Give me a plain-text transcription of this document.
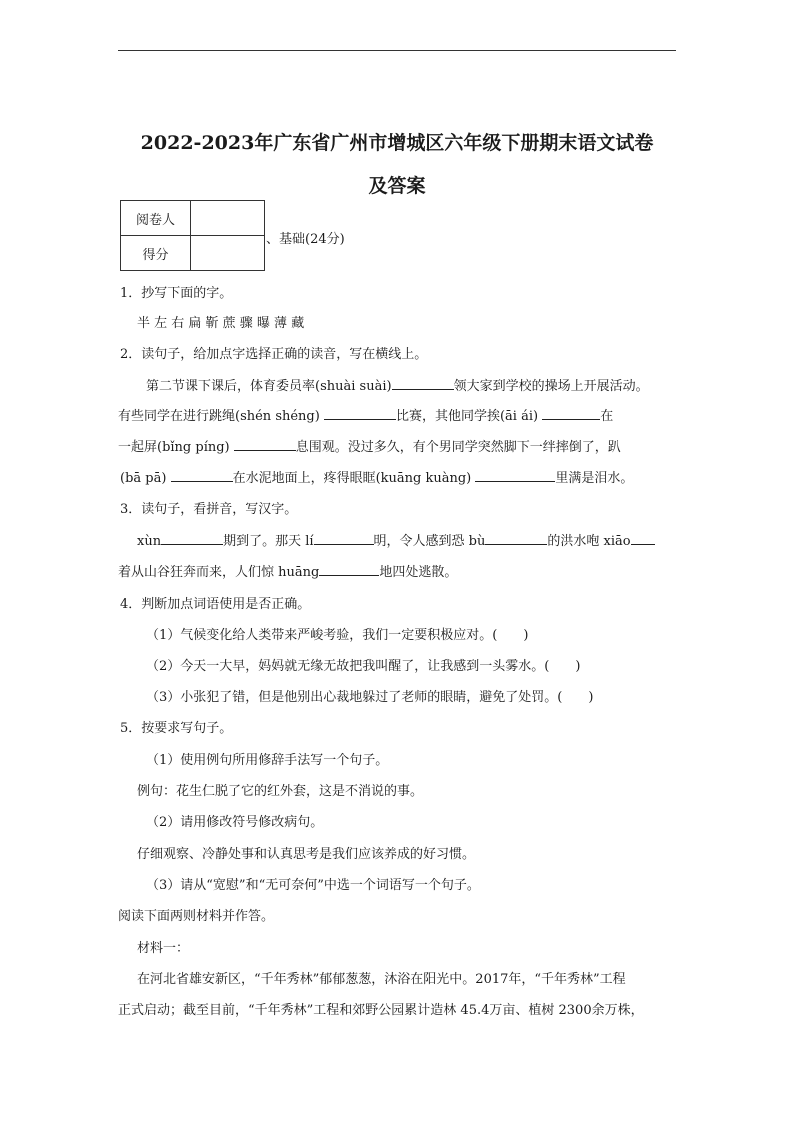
2022-2023年广东省广州市增城区六年级下册期末语文试卷
及答案
阅卷人	
得分	
、基础(24分)
1．抄写下面的字。
半 左 右 扁 靳 蔗 骤 曝 薄 藏
2．读句子，给加点字选择正确的读音，写在横线上。
第二节课下课后，体育委员率(shuài suài)	领大家到学校的操场上开展活动。
有些同学在进行跳绳(shén shéng)	比赛，其他同学挨(āi ái)	在
一起屏(bǐng píng)	息围观。没过多久，有个男同学突然脚下一绊摔倒了，趴
(bā pā)	在水泥地面上，疼得眼眶(kuāng kuàng)	里满是泪水。
3．读句子，看拼音，写汉字。
xùn	期到了。那天 lí	明，令人感到恐 bù	的洪水咆 xiāo
着从山谷狂奔而来，人们惊 huāng	地四处逃散。
4．判断加点词语使用是否正确。
（1）气候变化给人类带来严峻考验，我们一定要积极应对。(　　)
（2）今天一大早，妈妈就无缘无故把我叫醒了，让我感到一头雾水。(　　)
（3）小张犯了错，但是他别出心裁地躲过了老师的眼睛，避免了处罚。(　　)
5．按要求写句子。
（1）使用例句所用修辞手法写一个句子。
例句：花生仁脱了它的红外套，这是不消说的事。
（2）请用修改符号修改病句。
仔细观察、冷静处事和认真思考是我们应该养成的好习惯。
（3）请从“宽慰”和“无可奈何”中选一个词语写一个句子。
阅读下面两则材料并作答。
材料一：
在河北省雄安新区，“千年秀林”郁郁葱葱，沐浴在阳光中。2017年，“千年秀林”工程
正式启动；截至目前，“千年秀林”工程和郊野公园累计造林 45.4万亩、植树 2300余万株，
